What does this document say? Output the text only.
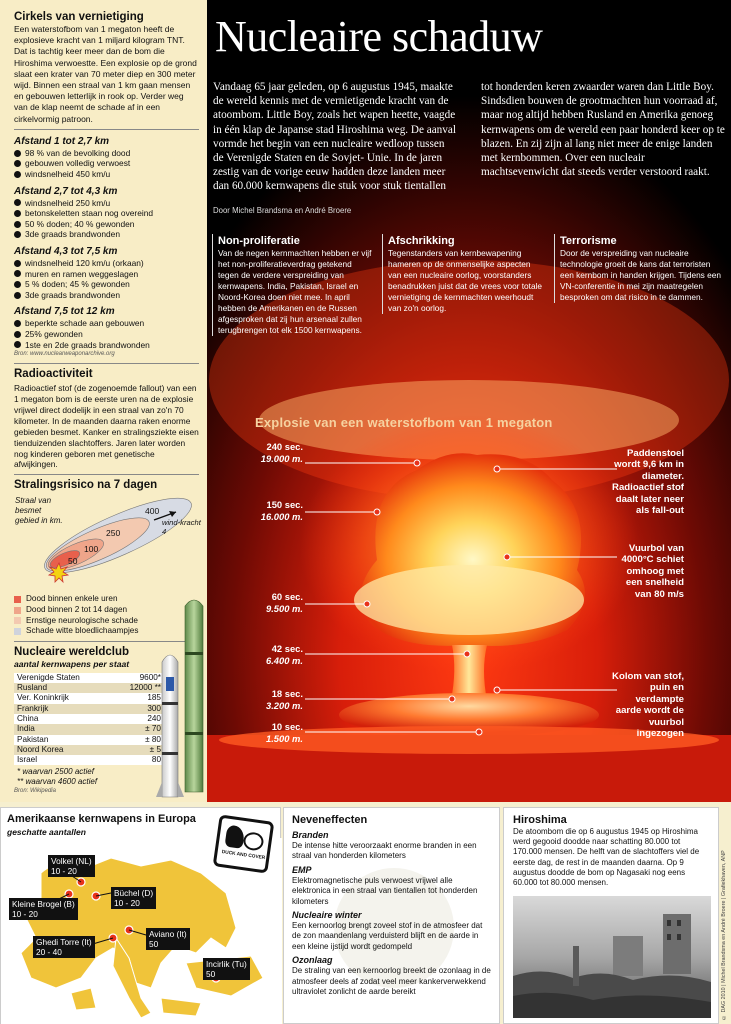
Cirkels van vernietiging
Een waterstofbom van 1 megaton heeft de explosieve kracht van 1 miljard kilogram TNT. Dat is tachtig keer meer dan de bom die Hiroshima verwoestte. Een explosie op de grond slaat een krater van 70 meter diep en 300 meter wijd. Binnen een straal van 1 km gaan mensen en gebouwen letterlijk in rook op. Verder weg van de klap neemt de schade af in een cirkelvormig patroon.
Afstand 1 tot 2,7 km
98 % van de bevolking dood
gebouwen volledig verwoest
windsnelheid 450 km/u
Afstand 2,7 tot 4,3 km
windsnelheid 250 km/u
betonskeletten staan nog overeind
50 % doden; 40 % gewonden
3de graads brandwonden
Afstand 4,3 tot 7,5 km
windsnelheid 120 km/u (orkaan)
muren en ramen weggeslagen
5 % doden; 45 % gewonden
3de graads brandwonden
Afstand 7,5 tot 12 km
beperkte schade aan gebouwen
25% gewonden
1ste en 2de graads brandwonden
Bron: www.nuclearweaponarchive.org
Radioactiviteit
Radioactief stof (de zogenoemde fallout) van een 1 megaton bom is de eerste uren na de explosie vrijwel direct dodelijk in een straal van zo'n 70 kilometer. In de maanden daarna raken enorme gebieden besmet. Kanker en stralingsziekte eisen tienduizenden slachtoffers. Jaren later worden nog kinderen geboren met genetische afwijkingen.
Stralingsrisico na 7 dagen
Straal van besmet gebied in km.	wind-kracht 4
400
250
100
50
Dood binnen enkele uren
Dood binnen 2 tot 14 dagen
Ernstige neurologische schade
Schade witte bloedlichaampjes
Nucleaire wereldclub
aantal kernwapens per staat
Verenigde Staten	9600*
Rusland	12000 **
Ver. Koninkrijk	185
Frankrijk	300
China	240
India	± 70
Pakistan	± 80
Noord Korea	± 5
Israel	80
* waarvan 2500 actief
** waarvan 4600 actief
Bron: Wikipedia
Nucleaire schaduw
Vandaag 65 jaar geleden, op 6 augustus 1945, maakte de wereld kennis met de vernietigende kracht van de atoombom. Little Boy, zoals het wapen heette, vaagde in één klap de Japanse stad Hiroshima weg. De aanval vormde het begin van een nucleaire wedloop tussen de Verenigde Staten en de Sovjet- Unie. In de jaren zestig van de vorige eeuw hadden deze landen meer dan 60.000 kernwapens die stuk voor stuk tientallen tot honderden keren zwaarder waren dan Little Boy. Sindsdien bouwen de grootmachten hun voorraad af, maar nog altijd hebben Rusland en Amerika genoeg kernwapens om de wereld een paar honderd keer op te blazen. En zij zijn al lang niet meer de enige landen met kernbommen. Over een nucleair machtsevenwicht dat steeds verder verstoord raakt.
Door Michel Brandsma en André Broere
Non-proliferatie
Van de negen kernmachten hebben er vijf het non-proliferatieverdrag getekend tegen de verdere verspreiding van kernwapens. India, Pakistan, Israel en Noord-Korea doen niet mee. In april hebben de Amerikanen en de Russen afgesproken dat zij hun arsenaal zullen terugbrengen tot elk 1500 kernwapens.
Afschrikking
Tegenstanders van kernbewapening hameren op de onmenselijke aspecten van een nucleaire oorlog, voorstanders benadrukken juist dat de vrees voor totale vernietiging de kernmachten weerhoudt van zo'n oorlog.
Terrorisme
Door de verspreiding van nucleaire technologie groeit de kans dat terroristen een kernbom in handen krijgen. Tijdens een VN-conferentie in mei zijn maatregelen besproken om dat risico in te dammen.
Explosie van een waterstofbom van 1 megaton
240 sec.
19.000 m.
150 sec.
16.000 m.
60 sec.
9.500 m.
42 sec.
6.400 m.
18 sec.
3.200 m.
10 sec.
1.500 m.
Paddenstoel wordt 9,6 km in diameter. Radioactief stof daalt later neer als fall-out
Vuurbol van 4000°C schiet omhoog met een snelheid van 80 m/s
Kolom van stof, puin en verdampte aarde wordt de vuurbol ingezogen
Amerikaanse kernwapens in Europa
geschatte aantallen
Volkel (NL)
10 - 20
Kleine Brogel (B)
10 - 20
Büchel (D)
10 - 20
Ghedi Torre (It)
20 - 40
Aviano (It)
50
Incirlik (Tu)
50
DUCK AND COVER
Neveneffecten
Branden
De intense hitte veroorzaakt enorme branden in een straal van honderden kilometers
EMP
Elektromagnetische puls verwoest vrijwel alle elektronica in een straal van tientallen tot honderden kilometers
Nucleaire winter
Een kernoorlog brengt zoveel stof in de atmosfeer dat de zon maandenlang verduisterd blijft en de aarde in een kleine ijstijd wordt gedompeld
Ozonlaag
De straling van een kernoorlog breekt de ozonlaag in de atmosfeer deels af zodat veel meer kankerverwekkend ultraviolet zonlicht de aarde bereikt
Hiroshima
De atoombom die op 6 augustus 1945 op Hiroshima werd gegooid doodde naar schatting 80.000 tot 170.000 mensen. De helft van de slachtoffers viel de eerste dag, de rest in de maanden daarna. Op 9 augustus doodde de bom op Nagasaki nog eens 60.000 tot 80.000 mensen.	© DAG 2010 | Michel Brandsma en André Broere | Grafiekhaven, ANP
